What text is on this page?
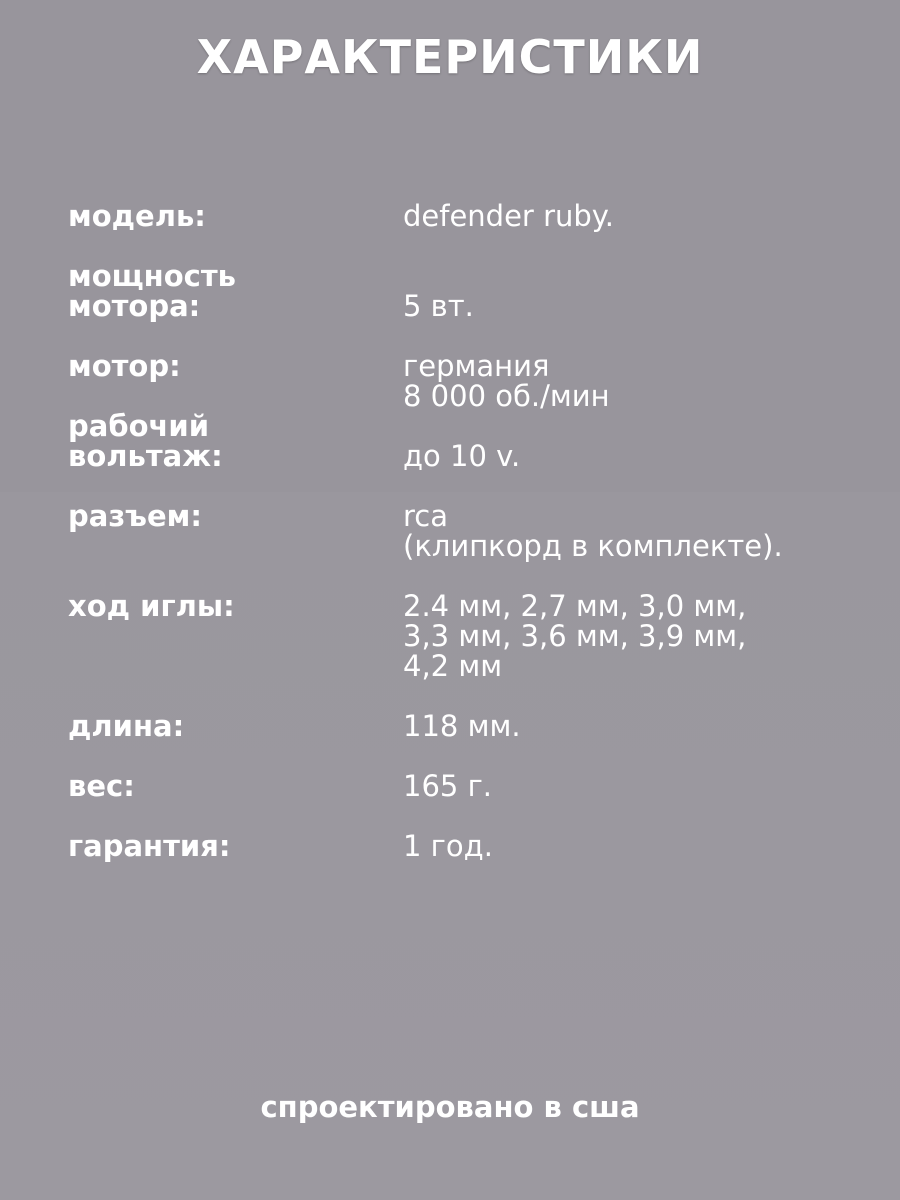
ХАРАКТЕРИСТИКИ
модель:	defender ruby.
мощность
мотора:	5 вт.
мотор:	германия
8 000 об./мин
рабочий
вольтаж:	до 10 v.
разъем:	rca
(клипкорд в комплекте).
ход иглы:	2.4 мм, 2,7 мм, 3,0 мм,
3,3 мм, 3,6 мм, 3,9 мм,
4,2 мм
длина:	118 мм.
вес:	165 г.
гарантия:	1 год.
спроектировано в сша
